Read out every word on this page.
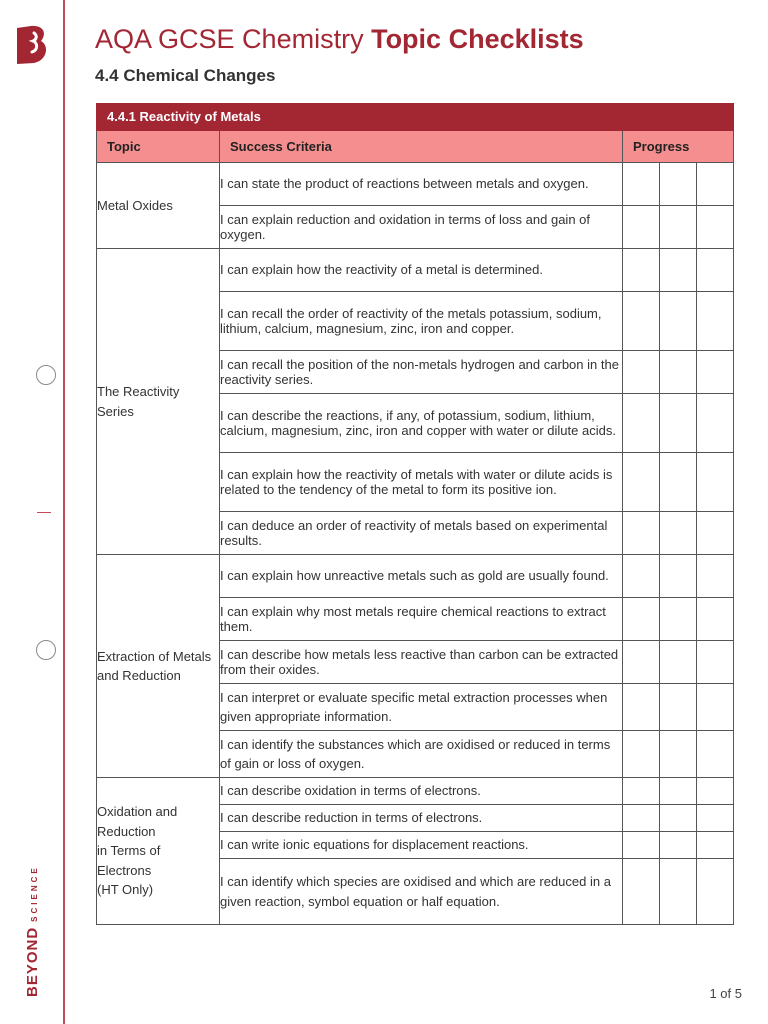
BEYONDSCIENCE
AQA GCSE Chemistry Topic Checklists
4.4 Chemical Changes
4.4.1 Reactivity of Metals				
Topic	Success Criteria	Progress		
Metal Oxides	I can state the product of reactions between metals and oxygen.			
	I can explain reduction and oxidation in terms of loss and gain of oxygen.			
The Reactivity Series	I can explain how the reactivity of a metal is determined.			
	I can recall the order of reactivity of the metals potassium, sodium, lithium, calcium, magnesium, zinc, iron and copper.			
	I can recall the position of the non-metals hydrogen and carbon in the reactivity series.			
	I can describe the reactions, if any, of potassium, sodium, lithium, calcium, magnesium, zinc, iron and copper with water or dilute acids.			
	I can explain how the reactivity of metals with water or dilute acids is related to the tendency of the metal to form its positive ion.			
	I can deduce an order of reactivity of metals based on experimental results.			
Extraction of Metals and Reduction	I can explain how unreactive metals such as gold are usually found.			
	I can explain why most metals require chemical reactions to extract them.			
	I can describe how metals less reactive than carbon can be extracted from their oxides.			
	I can interpret or evaluate specific metal extraction processes when given appropriate information.			
	I can identify the substances which are oxidised or reduced in terms of gain or loss of oxygen.			

Oxidation and
Reduction
in Terms of
Electrons
(HT Only)	I can describe oxidation in terms of electrons.			
	I can describe reduction in terms of electrons.			
	I can write ionic equations for displacement reactions.			
	I can identify which species are oxidised and which are reduced in a given reaction, symbol equation or half equation.			
1 of 5
